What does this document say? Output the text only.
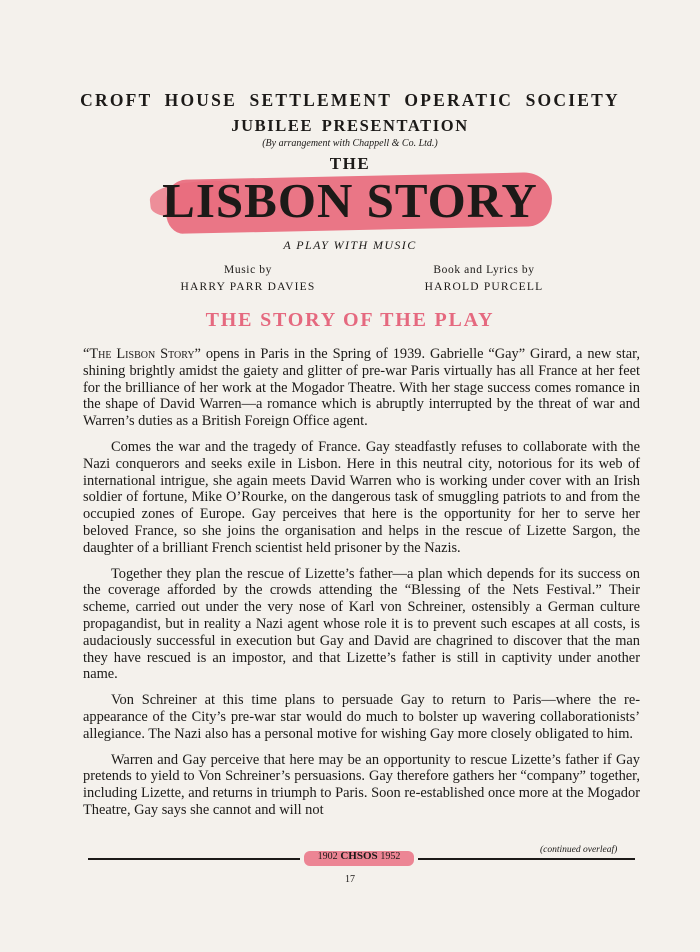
CROFT HOUSE SETTLEMENT OPERATIC SOCIETY
JUBILEE PRESENTATION
(By arrangement with Chappell & Co. Ltd.)
THE
LISBON STORY
A PLAY WITH MUSIC
Music by
HARRY PARR DAVIES
Book and Lyrics by
HAROLD PURCELL
THE STORY OF THE PLAY

“The Lisbon Story” opens in Paris in the Spring of 1939. Gabrielle “Gay” Girard, a new star, shining brightly amidst the gaiety and glitter of pre-war Paris virtually has all France at her feet for the brilliance of her work at the Mogador Theatre. With her stage success comes romance in the shape of David Warren—a romance which is abruptly interrupted by the threat of war and Warren’s duties as a British Foreign Office agent.

Comes the war and the tragedy of France. Gay steadfastly refuses to collaborate with the Nazi conquerors and seeks exile in Lisbon. Here in this neutral city, notorious for its web of international intrigue, she again meets David Warren who is working under cover with an Irish soldier of fortune, Mike O’Rourke, on the dangerous task of smuggling patriots to and from the occupied zones of Europe. Gay perceives that here is the opportunity for her to serve her beloved France, so she joins the organisation and helps in the rescue of Lizette Sargon, the daughter of a brilliant French scientist held prisoner by the Nazis.

Together they plan the rescue of Lizette’s father—a plan which depends for its success on the coverage afforded by the crowds attending the “Blessing of the Nets Festival.” Their scheme, carried out under the very nose of Karl von Schreiner, ostensibly a German culture propagandist, but in reality a Nazi agent whose role it is to prevent such escapes at all costs, is audaciously successful in execution but Gay and David are chagrined to discover that the man they have rescued is an impostor, and that Lizette’s father is still in captivity under another name.

Von Schreiner at this time plans to persuade Gay to return to Paris—where the re-appearance of the City’s pre-war star would do much to bolster up wavering collaborationists’ allegiance. The Nazi also has a personal motive for wishing Gay more closely obligated to him.

Warren and Gay perceive that here may be an opportunity to rescue Lizette’s father if Gay pretends to yield to Von Schreiner’s persuasions. Gay therefore gathers her “company” together, including Lizette, and returns in triumph to Paris. Soon re-established once more at the Mogador Theatre, Gay says she cannot and will not

(continued overleaf)
1902 CHSOS 1952
17
